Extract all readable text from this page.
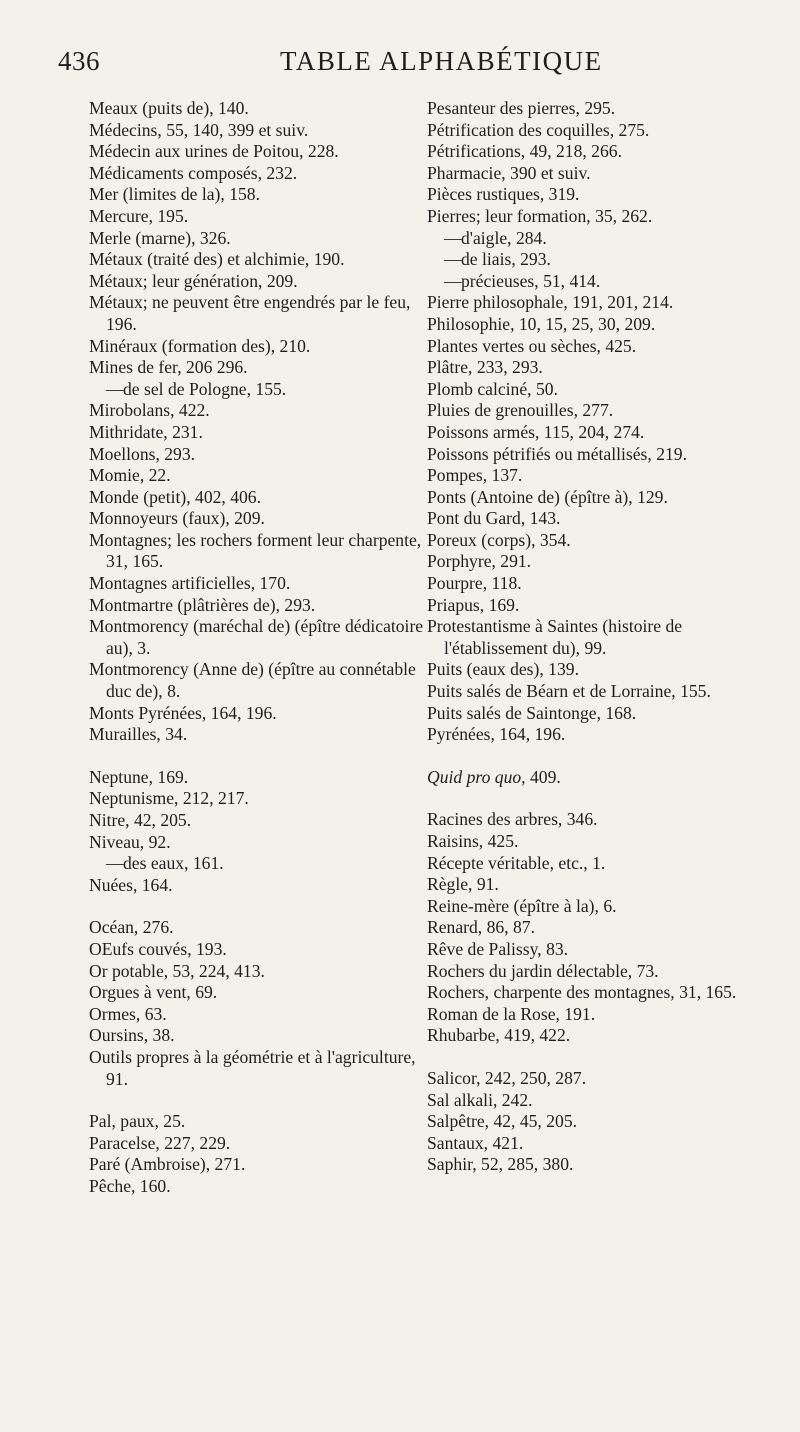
436	TABLE ALPHABÉTIQUE
Meaux (puits de), 140.
Médecins, 55, 140, 399 et suiv.
Médecin aux urines de Poitou, 228.
Médicaments composés, 232.
Mer (limites de la), 158.
Mercure, 195.
Merle (marne), 326.
Métaux (traité des) et alchimie, 190.
Métaux; leur génération, 209.
Métaux; ne peuvent être engendrés par le feu, 196.
Minéraux (formation des), 210.
Mines de fer, 206 296.
—de sel de Pologne, 155.
Mirobolans, 422.
Mithridate, 231.
Moellons, 293.
Momie, 22.
Monde (petit), 402, 406.
Monnoyeurs (faux), 209.
Montagnes; les rochers forment leur charpente, 31, 165.
Montagnes artificielles, 170.
Montmartre (plâtrières de), 293.
Montmorency (maréchal de) (épître dédicatoire au), 3.
Montmorency (Anne de) (épître au connétable duc de), 8.
Monts Pyrénées, 164, 196.
Murailles, 34.
Neptune, 169.
Neptunisme, 212, 217.
Nitre, 42, 205.
Niveau, 92.
—des eaux, 161.
Nuées, 164.
Océan, 276.
OEufs couvés, 193.
Or potable, 53, 224, 413.
Orgues à vent, 69.
Ormes, 63.
Oursins, 38.
Outils propres à la géométrie et à l'agriculture, 91.
Pal, paux, 25.
Paracelse, 227, 229.
Paré (Ambroise), 271.
Pêche, 160.
Pesanteur des pierres, 295.
Pétrification des coquilles, 275.
Pétrifications, 49, 218, 266.
Pharmacie, 390 et suiv.
Pièces rustiques, 319.
Pierres; leur formation, 35, 262.
—d'aigle, 284.
—de liais, 293.
—précieuses, 51, 414.
Pierre philosophale, 191, 201, 214.
Philosophie, 10, 15, 25, 30, 209.
Plantes vertes ou sèches, 425.
Plâtre, 233, 293.
Plomb calciné, 50.
Pluies de grenouilles, 277.
Poissons armés, 115, 204, 274.
Poissons pétrifiés ou métallisés, 219.
Pompes, 137.
Ponts (Antoine de) (épître à), 129.
Pont du Gard, 143.
Poreux (corps), 354.
Porphyre, 291.
Pourpre, 118.
Priapus, 169.
Protestantisme à Saintes (histoire de l'établissement du), 99.
Puits (eaux des), 139.
Puits salés de Béarn et de Lorraine, 155.
Puits salés de Saintonge, 168.
Pyrénées, 164, 196.
Quid pro quo, 409.
Racines des arbres, 346.
Raisins, 425.
Récepte véritable, etc., 1.
Règle, 91.
Reine-mère (épître à la), 6.
Renard, 86, 87.
Rêve de Palissy, 83.
Rochers du jardin délectable, 73.
Rochers, charpente des montagnes, 31, 165.
Roman de la Rose, 191.
Rhubarbe, 419, 422.
Salicor, 242, 250, 287.
Sal alkali, 242.
Salpêtre, 42, 45, 205.
Santaux, 421.
Saphir, 52, 285, 380.
